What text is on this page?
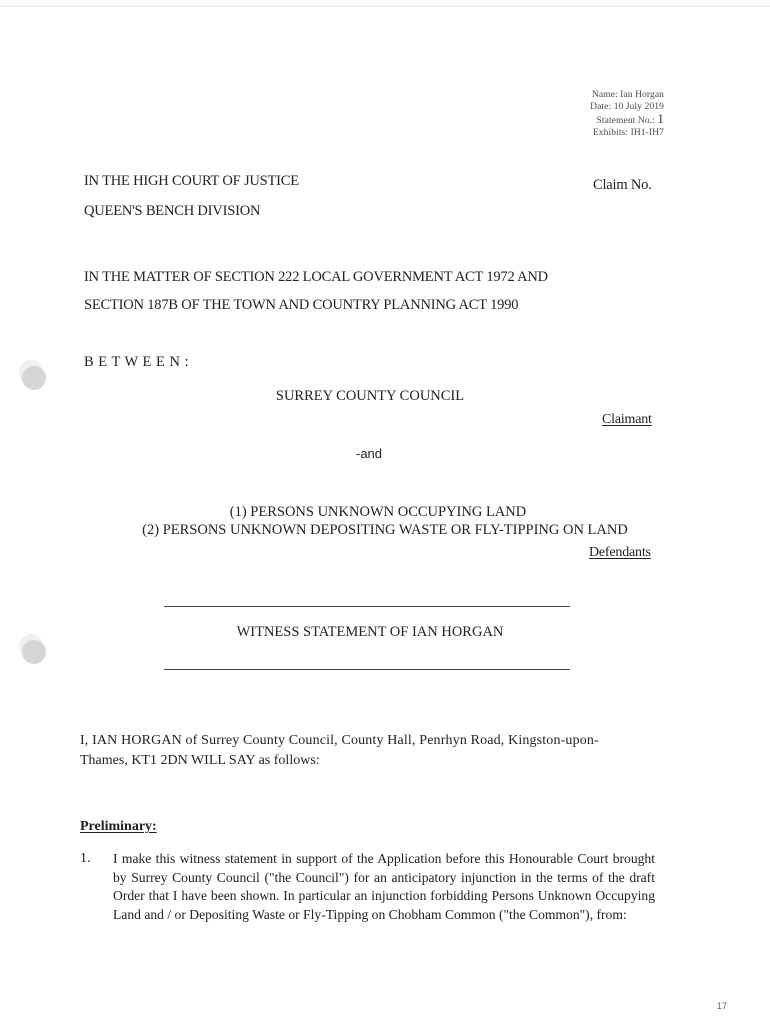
Name: Ian Horgan
Date: 10 July 2019
Statement No.: 1
Exhibits: IH1-IH7
IN THE HIGH COURT OF JUSTICE	Claim No.
QUEEN'S BENCH DIVISION
IN THE MATTER OF SECTION 222 LOCAL GOVERNMENT ACT 1972 AND
SECTION 187B OF THE TOWN AND COUNTRY PLANNING ACT 1990
B E T W E E N :
SURREY COUNTY COUNCIL
Claimant
-and
(1) PERSONS UNKNOWN OCCUPYING LAND
(2) PERSONS UNKNOWN DEPOSITING WASTE OR FLY-TIPPING ON LAND
Defendants
WITNESS STATEMENT OF IAN HORGAN
I, IAN HORGAN of Surrey County Council, County Hall, Penrhyn Road, Kingston-upon-
Thames, KT1 2DN WILL SAY as follows:
Preliminary:
1. I make this witness statement in support of the Application before this Honourable Court brought by Surrey County Council ("the Council") for an anticipatory injunction in the terms of the draft Order that I have been shown. In particular an injunction forbidding Persons Unknown Occupying Land and / or Depositing Waste or Fly-Tipping on Chobham Common ("the Common"), from:
17
